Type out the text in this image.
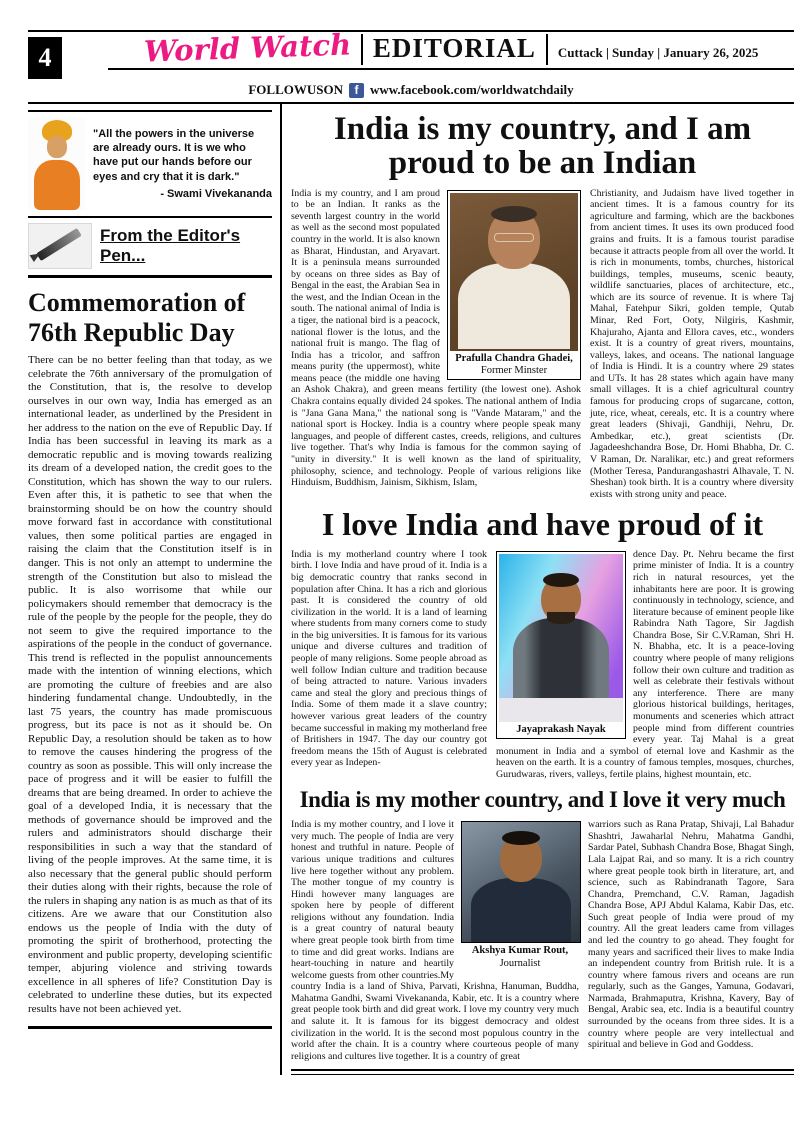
4	World Watch EDITORIAL Cuttack | Sunday | January 26, 2025
FOLLOWUSON f www.facebook.com/worldwatchdaily
"All the powers in the universe are already ours. It is we who have put our hands before our eyes and cry that it is dark."
- Swami Vivekananda
From the Editor's Pen...
Commemoration of 76th Republic Day

There can be no better feeling than that today, as we celebrate the 76th anniversary of the promulgation of the Constitution, that is, the resolve to develop ourselves in our own way, India has emerged as an international leader, as underlined by the President in her address to the nation on the eve of Republic Day. If India has been successful in leaving its mark as a democratic republic and is moving towards realizing its dream of a developed nation, the credit goes to the Constitution, which has shown the way to our rulers. Even after this, it is pathetic to see that when the brainstorming should be on how the country should move forward fast in accordance with constitutional values, then some political parties are engaged in raising the claim that the Constitution itself is in danger. This is not only an attempt to undermine the strength of the Constitution but also to mislead the public. It is also worrisome that while our policymakers should remember that democracy is the rule of the people by the people for the people, they do not seem to give the required importance to the aspirations of the people in the conduct of governance. This trend is reflected in the populist announcements made with the intention of winning elections, which are promoting the culture of freebies and are also hindering fundamental change. Undoubtedly, in the last 75 years, the country has made promiscuous progress, but its pace is not as it should be. On Republic Day, a resolution should be taken as to how to remove the causes hindering the progress of the country as soon as possible. This will only increase the pace of progress and it will be easier to fulfill the dreams that are being dreamed. In order to achieve the goal of a developed India, it is necessary that the methods of governance should be improved and the rulers and administrators should discharge their responsibilities in such a way that the standard of living of the people improves. At the same time, it is also necessary that the general public should perform their duties along with their rights, because the role of the rulers in shaping any nation is as much as that of its citizens. Are we aware that our Constitution also endows us the people of India with the duty of promoting the spirit of brotherhood, protecting the environment and public property, developing scientific temper, abjuring violence and striving towards excellence in all spheres of life? Constitution Day is celebrated to underline these duties, but its expected results have not been achieved yet.

India is my country, and I am proud to be an Indian
Prafulla Chandra Ghadei,
Former Minster

India is my country, and I am proud to be an Indian. It ranks as the seventh largest country in the world as well as the second most populated country in the world. It is also known as Bharat, Hindustan, and Aryavart. It is a peninsula means surrounded by oceans on three sides as Bay of Bengal in the east, the Arabian Sea in the west, and the Indian Ocean in the south. The national animal of India is a tiger, the national bird is a peacock, national flower is the lotus, and the national fruit is mango. The flag of India has a tricolor, and saffron means purity (the uppermost), white means peace (the middle one having an Ashok Chakra), and green means fertility (the lowest one). Ashok Chakra contains equally divided 24 spokes. The national anthem of India is "Jana Gana Mana," the national song is "Vande Mataram," and the national sport is Hockey. India is a country where people speak many languages, and people of different castes, creeds, religions, and cultures live together. That's why India is famous for the common saying of "unity in diversity." It is well known as the land of spirituality, philosophy, science, and technology. People of various religions like Hinduism, Buddhism, Jainism, Sikhism, Islam,

Christianity, and Judaism have lived together in ancient times. It is a famous country for its agriculture and farming, which are the backbones from ancient times. It uses its own produced food grains and fruits. It is a famous tourist paradise because it attracts people from all over the world. It is rich in monuments, tombs, churches, historical buildings, temples, museums, scenic beauty, wildlife sanctuaries, places of architecture, etc., which are its source of revenue. It is where Taj Mahal, Fatehpur Sikri, golden temple, Qutab Minar, Red Fort, Ooty, Nilgiris, Kashmir, Khajuraho, Ajanta and Ellora caves, etc., wonders exist. It is a country of great rivers, mountains, valleys, lakes, and oceans. The national language of India is Hindi. It is a country where 29 states and UTs. It has 28 states which again have many small villages. It is a chief agricultural country famous for producing crops of sugarcane, cotton, jute, rice, wheat, cereals, etc. It is a country where great leaders (Shivaji, Gandhiji, Nehru, Dr. Ambedkar, etc.), great scientists (Dr. Jagadeeshchandra Bose, Dr. Homi Bhabha, Dr. C. V Raman, Dr. Naralikar, etc.) and great reformers (Mother Teresa, Pandurangashastri Alhavale, T. N. Sheshan) took birth. It is a country where diversity exists with strong unity and peace.

I love India and have proud of it

India is my motherland country where I took birth. I love India and have proud of it. India is a big democratic country that ranks second in population after China. It has a rich and glorious past. It is considered the country of old civilization in the world. It is a land of learning where students from many corners come to study in the big universities. It is famous for its various unique and diverse cultures and tradition of people of many religions. Some people abroad as well follow Indian culture and tradition because of being attracted to nature. Various invaders came and steal the glory and precious things of India. Some of them made it a slave country; however various great leaders of the country became successful in making my motherland free of Britishers in 1947. The day our country got freedom means the 15th of August is celebrated every year as Indepen-

Jayaprakash Nayak

dence Day. Pt. Nehru became the first prime minister of India. It is a country rich in natural resources, yet the inhabitants here are poor. It is growing continuously in technology, science, and literature because of eminent people like Rabindra Nath Tagore, Sir Jagdish Chandra Bose, Sir C.V.Raman, Shri H. N. Bhabha, etc. It is a peace-loving country where people of many religions follow their own culture and tradition as well as celebrate their festivals without any interference. There are many glorious historical buildings, heritages, monuments and sceneries which attract people mind from different countries every year. Taj Mahal is a great monument in India and a symbol of eternal love and Kashmir as the heaven on the earth. It is a country of famous temples, mosques, churches, Gurudwaras, rivers, valleys, fertile plains, highest mountain, etc.

India is my mother country, and I love it very much
Akshya Kumar Rout,
Journalist

India is my mother country, and I love it very much. The people of India are very honest and truthful in nature. People of various unique traditions and cultures live here together without any problem. The mother tongue of my country is Hindi however many languages are spoken here by people of different religions without any foundation. India is a great country of natural beauty where great people took birth from time to time and did great works. Indians are heart-touching in nature and heartily welcome guests from other countries.My country India is a land of Shiva, Parvati, Krishna, Hanuman, Buddha, Mahatma Gandhi, Swami Vivekananda, Kabir, etc. It is a country where great people took birth and did great work. I love my country very much and salute it. It is famous for its biggest democracy and oldest civilization in the world. It is the second most populous country in the world after the chain. It is a country where courteous people of many religions and cultures live together. It is a country of great

warriors such as Rana Pratap, Shivaji, Lal Bahadur Shashtri, Jawaharlal Nehru, Mahatma Gandhi, Sardar Patel, Subhash Chandra Bose, Bhagat Singh, Lala Lajpat Rai, and so many. It is a rich country where great people took birth in literature, art, and science, such as Rabindranath Tagore, Sara Chandra, Premchand, C.V. Raman, Jagadish Chandra Bose, APJ Abdul Kalama, Kabir Das, etc. Such great people of India were proud of my country. All the great leaders came from villages and led the country to go ahead. They fought for many years and sacrificed their lives to make India an independent country from British rule. It is a country where famous rivers and oceans are run regularly, such as the Ganges, Yamuna, Godavari, Narmada, Brahmaputra, Krishna, Kavery, Bay of Bengal, Arabic sea, etc. India is a beautiful country surrounded by the oceans from three sides. It is a country where people are very intellectual and spiritual and believe in God and Goddess.
